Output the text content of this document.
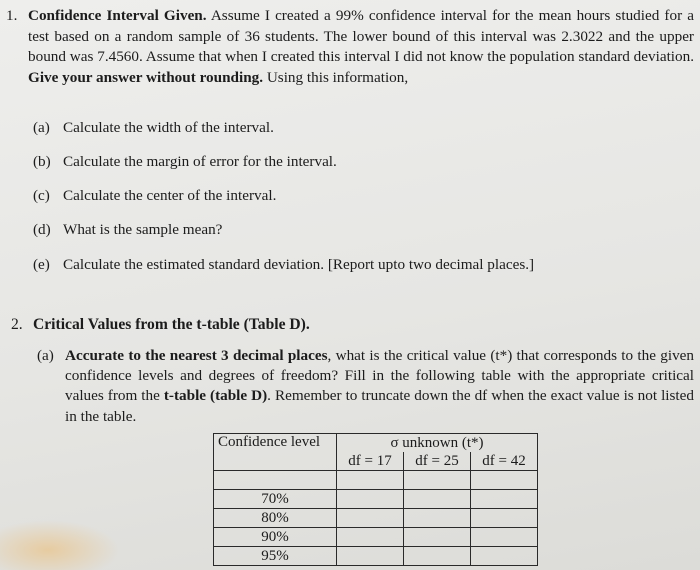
1. Confidence Interval Given. Assume I created a 99% confidence interval for the mean hours studied for a test based on a random sample of 36 students. The lower bound of this interval was 2.3022 and the upper bound was 7.4560. Assume that when I created this interval I did not know the population standard deviation. Give your answer without rounding. Using this information,
(a) Calculate the width of the interval.
(b) Calculate the margin of error for the interval.
(c) Calculate the center of the interval.
(d) What is the sample mean?
(e) Calculate the estimated standard deviation. [Report upto two decimal places.]
2. Critical Values from the t-table (Table D).
(a) Accurate to the nearest 3 decimal places, what is the critical value (t*) that corresponds to the given confidence levels and degrees of freedom? Fill in the following table with the appropriate critical values from the t-table (table D). Remember to truncate down the df when the exact value is not listed in the table.
Confidence level	σ unknown (t*)		
	df = 17	df = 25	df = 42

70%			
80%			
90%			
95%			
